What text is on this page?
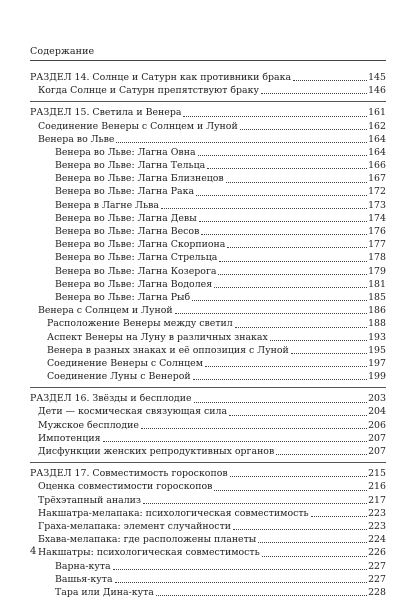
Содержание
РАЗДЕЛ 14. Солнце и Сатурн как противники брака	145
Когда Солнце и Сатурн препятствуют браку	146
РАЗДЕЛ 15. Светила и Венера	161
Соединение Венеры с Солнцем и Луной	162
Венера во Льве	164
Венера во Льве: Лагна Овна	164
Венера во Льве: Лагна Тельца	166
Венера во Льве: Лагна Близнецов	167
Венера во Льве: Лагна Рака	172
Венера в Лагне Льва	173
Венера во Льве: Лагна Девы	174
Венера во Льве: Лагна Весов	176
Венера во Льве: Лагна Скорпиона	177
Венера во Льве: Лагна Стрельца	178
Венера во Льве: Лагна Козерога	179
Венера во Льве: Лагна Водолея	181
Венера во Льве: Лагна Рыб	185
Венера с Солнцем и Луной	186
Расположение Венеры между светил	188
Аспект Венеры на Луну в различных знаках	193
Венера в разных знаках и её оппозиция с Луной	195
Соединение Венеры с Солнцем	197
Соединение Луны с Венерой	199
РАЗДЕЛ 16. Звёзды и бесплодие	203
Дети — космическая связующая сила	204
Мужское бесплодие	206
Импотенция	207
Дисфункции женских репродуктивных органов	207
РАЗДЕЛ 17. Совместимость гороскопов	215
Оценка совместимости гороскопов	216
Трёхэтапный анализ	217
Накшатра-мелапака: психологическая совместимость	223
Граха-мелапака: элемент случайности	223
Бхава-мелапака: где расположены планеты	224
Накшатры: психологическая совместимость	226
Варна-кута	227
Вашья-кута	227
Тара или Дина-кута	228
4
